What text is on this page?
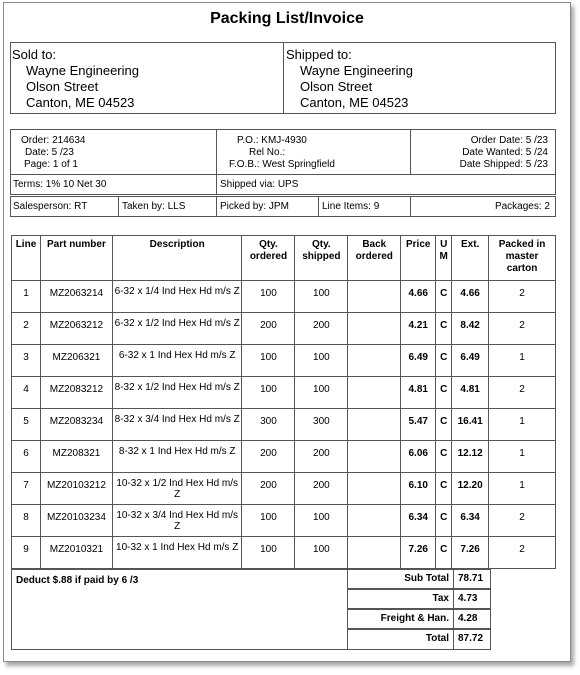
Packing List/Invoice
Sold to:
Wayne Engineering
Olson Street
Canton, ME 04523
Shipped to:
Wayne Engineering
Olson Street
Canton, ME 04523
Order: 214634
Date: 5 /23
Page: 1 of 1
P.O.: KMJ-4930
Rel No.:
F.O.B.: West Springfield
Order Date: 5 /23
Date Wanted: 5 /24
Date Shipped: 5 /23
Terms: 1% 10 Net 30	Shipped via: UPS
Salesperson: RT	Taken by: LLS	Picked by: JPM	Line Items: 9	Packages: 2
Line	Part number	Description	Qty. ordered	Qty. shipped	Back ordered	Price	U M	Ext.	Packed in master carton
1	MZ2063214	6-32 x 1/4 Ind Hex Hd m/s Z	100	100		4.66	C	4.66	2
2	MZ2063212	6-32 x 1/2 Ind Hex Hd m/s Z	200	200		4.21	C	8.42	2
3	MZ206321	6-32 x 1 Ind Hex Hd m/s Z	100	100		6.49	C	6.49	1
4	MZ2083212	8-32 x 1/2 Ind Hex Hd m/s Z	100	100		4.81	C	4.81	2
5	MZ2083234	8-32 x 3/4 Ind Hex Hd m/s Z	300	300		5.47	C	16.41	1
6	MZ208321	8-32 x 1 Ind Hex Hd m/s Z	200	200		6.06	C	12.12	1
7	MZ20103212	10-32 x 1/2 Ind Hex Hd m/s Z	200	200		6.10	C	12.20	1
8	MZ20103234	10-32 x 3/4 Ind Hex Hd m/s Z	100	100		6.34	C	6.34	2
9	MZ2010321	10-32 x 1 Ind Hex Hd m/s Z	100	100		7.26	C	7.26	2
Deduct $.88 if paid by 6 /3	Sub Total 78.71
Tax 4.73
Freight & Han. 4.28
Total 87.72
